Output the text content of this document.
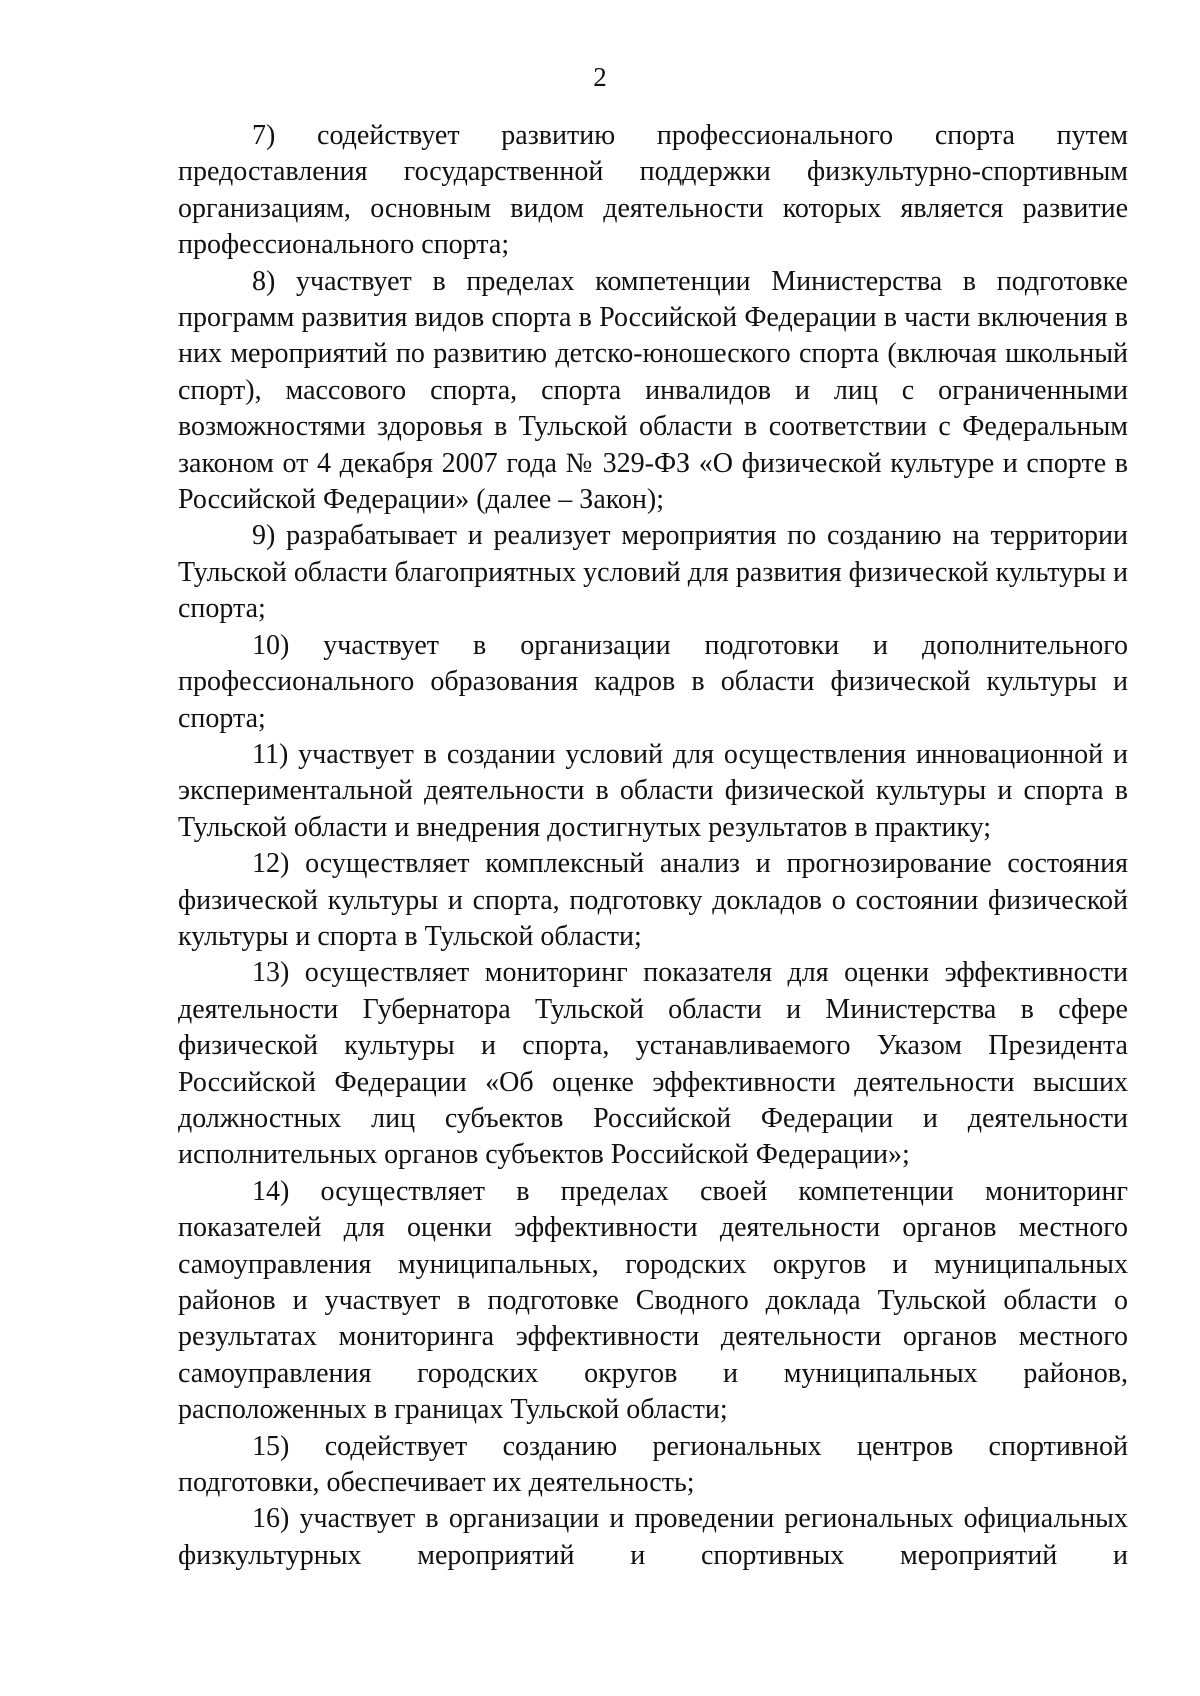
2

7) содействует развитию профессионального спорта путем предоставления государственной поддержки физкультурно-спортивным организациям, основным видом деятельности которых является развитие профессионального спорта;

8) участвует в пределах компетенции Министерства в подготовке программ развития видов спорта в Российской Федерации в части включения в них мероприятий по развитию детско-юношеского спорта (включая школьный спорт), массового спорта, спорта инвалидов и лиц с ограниченными возможностями здоровья в Тульской области в соответствии с Федеральным законом от 4 декабря 2007 года № 329-ФЗ «О физической культуре и спорте в Российской Федерации» (далее – Закон);

9) разрабатывает и реализует мероприятия по созданию на территории Тульской области благоприятных условий для развития физической культуры и спорта;

10) участвует в организации подготовки и дополнительного профессионального образования кадров в области физической культуры и спорта;

11) участвует в создании условий для осуществления инновационной и экспериментальной деятельности в области физической культуры и спорта в Тульской области и внедрения достигнутых результатов в практику;

12) осуществляет комплексный анализ и прогнозирование состояния физической культуры и спорта, подготовку докладов о состоянии физической культуры и спорта в Тульской области;

13) осуществляет мониторинг показателя для оценки эффективности деятельности Губернатора Тульской области и Министерства в сфере физической культуры и спорта, устанавливаемого Указом Президента Российской Федерации «Об оценке эффективности деятельности высших должностных лиц субъектов Российской Федерации и деятельности исполнительных органов субъектов Российской Федерации»;

14) осуществляет в пределах своей компетенции мониторинг показателей для оценки эффективности деятельности органов местного самоуправления муниципальных, городских округов и муниципальных районов и участвует в подготовке Сводного доклада Тульской области о результатах мониторинга эффективности деятельности органов местного самоуправления городских округов и муниципальных районов, расположенных в границах Тульской области;

15) содействует созданию региональных центров спортивной подготовки, обеспечивает их деятельность;

16) участвует в организации и проведении региональных официальных физкультурных мероприятий и спортивных мероприятий и
